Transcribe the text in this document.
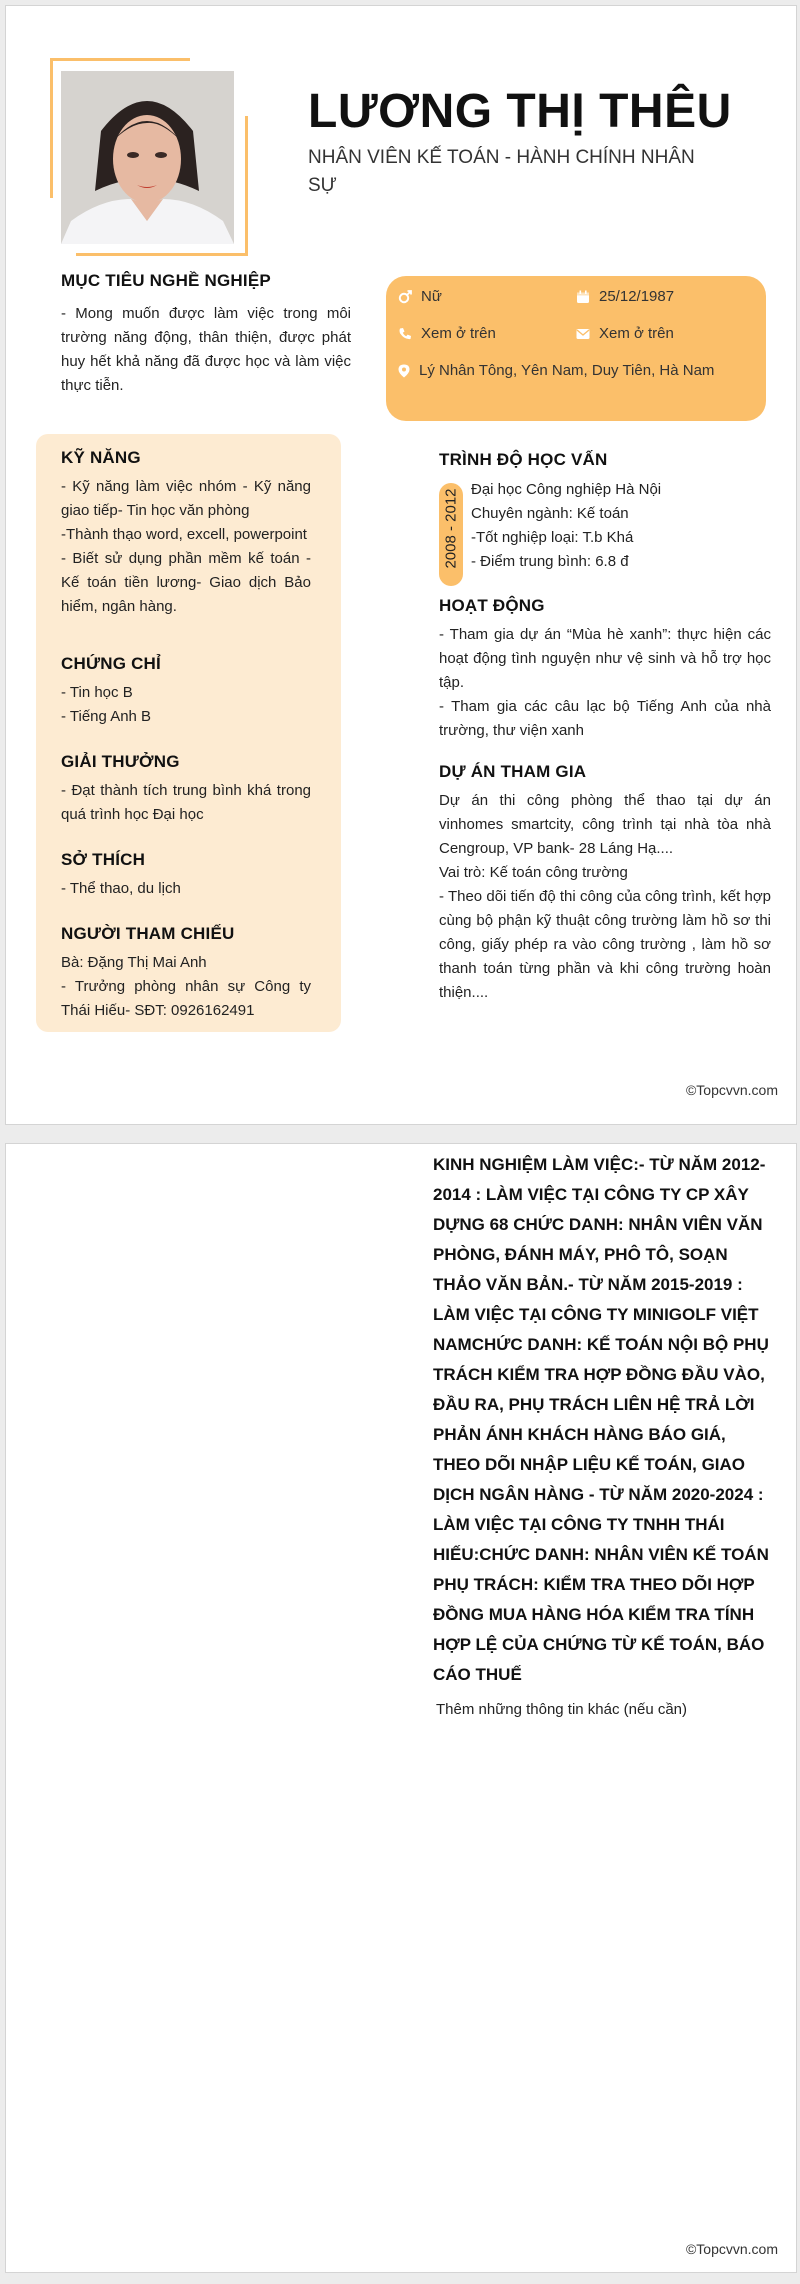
LƯƠNG THỊ THÊU
NHÂN VIÊN KẾ TOÁN - HÀNH CHÍNH NHÂN SỰ
MỤC TIÊU NGHỀ NGHIỆP
- Mong muốn được làm việc trong môi trường năng động, thân thiện, được phát huy hết khả năng đã được học và làm việc thực tiễn.
Nữ	25/12/1987
Xem ở trên	Xem ở trên
Lý Nhân Tông, Yên Nam, Duy Tiên, Hà Nam
KỸ NĂNG
- Kỹ năng làm việc nhóm - Kỹ năng giao tiếp- Tin học văn phòng
-Thành thạo word, excell, powerpoint
- Biết sử dụng phần mềm kế toán - Kế toán tiền lương- Giao dịch Bảo hiểm, ngân hàng.
CHỨNG CHỈ
- Tin học B
- Tiếng Anh B
GIẢI THƯỞNG
- Đạt thành tích trung bình khá trong quá trình học Đại học
SỞ THÍCH
- Thể thao, du lịch
NGƯỜI THAM CHIẾU
Bà: Đặng Thị Mai Anh
- Trưởng phòng nhân sự Công ty Thái Hiếu- SĐT: 0926162491
TRÌNH ĐỘ HỌC VẤN
2008 - 2012 Đại học Công nghiệp Hà Nội
Chuyên ngành: Kế toán
-Tốt nghiệp loại: T.b Khá
- Điểm trung bình: 6.8 đ
HOẠT ĐỘNG
- Tham gia dự án “Mùa hè xanh”: thực hiện các hoạt động tình nguyện như vệ sinh và hỗ trợ học tập.
- Tham gia các câu lạc bộ Tiếng Anh của nhà trường, thư viện xanh
DỰ ÁN THAM GIA
Dự án thi công phòng thể thao tại dự án vinhomes smartcity, công trình tại nhà tòa nhà Cengroup, VP bank- 28 Láng Hạ....
Vai trò: Kế toán công trường
- Theo dõi tiến độ thi công của công trình, kết hợp cùng bộ phận kỹ thuật công trường làm hồ sơ thi công, giấy phép ra vào công trường , làm hồ sơ thanh toán từng phần và khi công trường hoàn thiện....
©Topcvvn.com
©Topcvvn.com
KINH NGHIỆM LÀM VIỆC:- TỪ NĂM 2012-2014 : LÀM VIỆC TẠI CÔNG TY CP XÂY DỰNG 68 CHỨC DANH: NHÂN VIÊN VĂN PHÒNG, ĐÁNH MÁY, PHÔ TÔ, SOẠN THẢO VĂN BẢN.- TỪ NĂM 2015-2019 : LÀM VIỆC TẠI CÔNG TY MINIGOLF VIỆT NAMCHỨC DANH: KẾ TOÁN NỘI BỘ PHỤ TRÁCH KIỂM TRA HỢP ĐỒNG ĐẦU VÀO, ĐẦU RA, PHỤ TRÁCH LIÊN HỆ TRẢ LỜI PHẢN ÁNH KHÁCH HÀNG BÁO GIÁ, THEO DÕI NHẬP LIỆU KẾ TOÁN, GIAO DỊCH NGÂN HÀNG - TỪ NĂM 2020-2024 : LÀM VIỆC TẠI CÔNG TY TNHH THÁI HIẾU:CHỨC DANH: NHÂN VIÊN KẾ TOÁN PHỤ TRÁCH: KIỂM TRA THEO DÕI HỢP ĐỒNG MUA HÀNG HÓA KIỂM TRA TÍNH HỢP LỆ CỦA CHỨNG TỪ KẾ TOÁN, BÁO CÁO THUẾ
Thêm những thông tin khác (nếu cần)
